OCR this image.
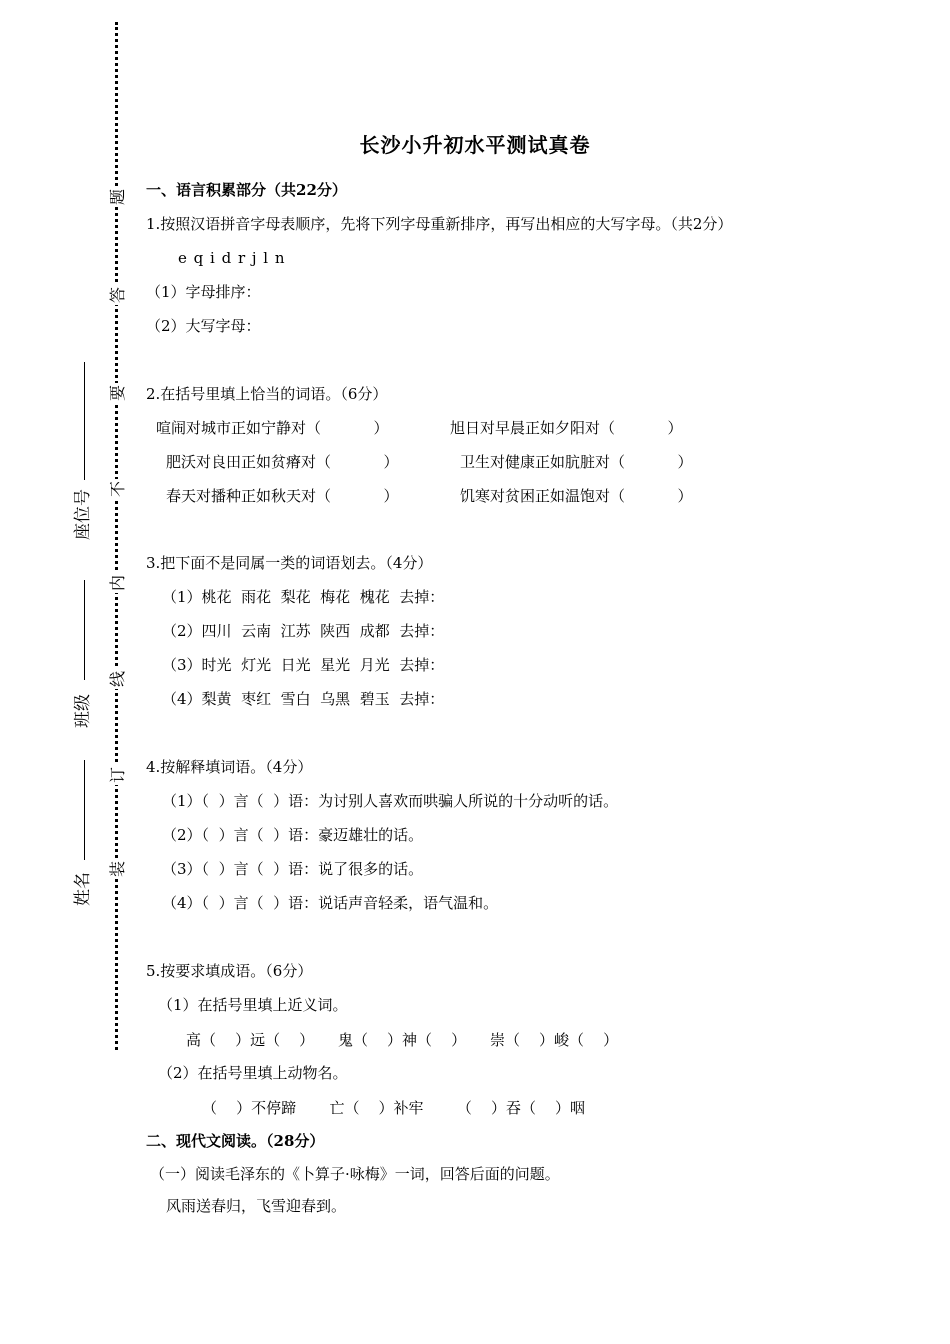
题
答
要
不
内
线
订
装
座位号
班级
姓名
长沙小升初水平测试真卷
一、语言积累部分（共22分）
1.按照汉语拼音字母表顺序，先将下列字母重新排序，再写出相应的大写字母。（共2分）
e q i d r j l n
（1）字母排序：
（2）大写字母：
2.在括号里填上恰当的词语。（6分）
喧闹对城市正如宁静对（           ）	旭日对早晨正如夕阳对（           ）
肥沃对良田正如贫瘠对（           ）	卫生对健康正如肮脏对（           ）
春天对播种正如秋天对（           ）	饥寒对贫困正如温饱对（           ）
3.把下面不是同属一类的词语划去。（4分）
（1）桃花  雨花  梨花  梅花  槐花  去掉：
（2）四川  云南  江苏  陕西  成都  去掉：
（3）时光  灯光  日光  星光  月光  去掉：
（4）梨黄  枣红  雪白  乌黑  碧玉  去掉：
4.按解释填词语。（4分）
（1）（  ）言（  ）语：为讨别人喜欢而哄骗人所说的十分动听的话。
（2）（  ）言（  ）语：豪迈雄壮的话。
（3）（  ）言（  ）语：说了很多的话。
（4）（  ）言（  ）语：说话声音轻柔，语气温和。
5.按要求填成语。（6分）
（1）在括号里填上近义词。
高（    ）远（    ）     鬼（    ）神（    ）     崇（    ）峻（    ）
（2）在括号里填上动物名。
（    ）不停蹄       亡（    ）补牢       （    ）吞（    ）咽
二、现代文阅读。（28分）
（一）阅读毛泽东的《卜算子·咏梅》一词，回答后面的问题。
风雨送春归，飞雪迎春到。
